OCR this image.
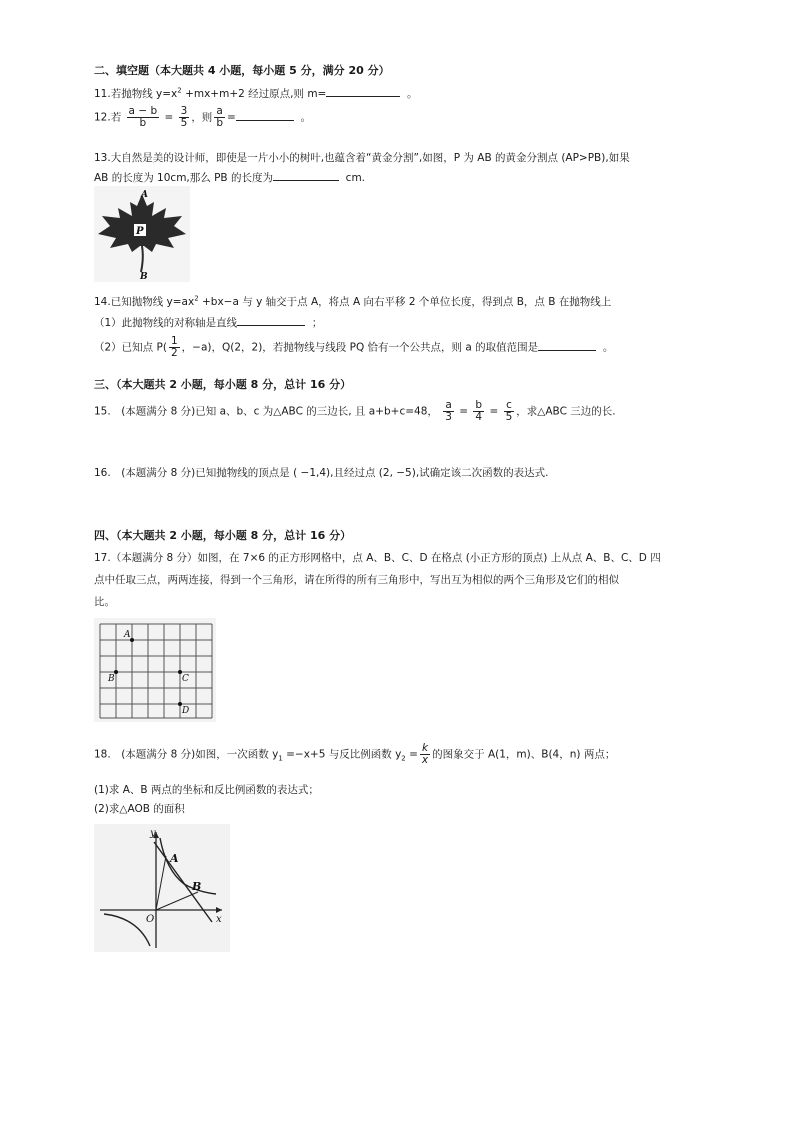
二、填空题（本大题共 4 小题，每小题 5 分，满分 20 分）
11.若抛物线 $y=x^2 +mx+m+2$ 经过原点,则 m=	。
12.若 $\frac{a - b}{b} = \frac{3}{5}$ ，则 $\frac{a}{b}$ =	。
13.大自然是美的设计师，即使是一片小小的树叶,也蕴含着“黄金分割”,如图，P 为 AB 的黄金分割点 (AP>PB),如果
AB 的长度为 10cm,那么 PB 的长度为	cm.
P
A
B
14.已知抛物线 $y=ax^2 +bx-a$ 与 y 轴交于点 A，将点 A 向右平移 2 个单位长度，得到点 B，点 B 在抛物线上
（1）此抛物线的对称轴是直线	；
（2）已知点 $P( \frac{1}{2}$ ，−a)，Q(2，2)，若抛物线与线段 PQ 恰有一个公共点，则 a 的取值范围是	。
三、（本大题共 2 小题，每小题 8 分，总计 16 分）
15.　(本题满分 8 分)已知 a、b、c 为△ABC 的三边长, 且 a+b+c=48， $\frac{a}{3} = \frac{b}{4} = \frac{c}{5}$ ，求△ABC 三边的长.
16.　(本题满分 8 分)已知抛物线的顶点是 ( −1,4),且经过点 (2, −5),试确定该二次函数的表达式.
四、（本大题共 2 小题，每小题 8 分，总计 16 分）
17.（本题满分 8 分）如图，在 7×6 的正方形网格中，点 A、B、C、D 在格点 (小正方形的顶点) 上从点 A、B、C、D 四
点中任取三点，两两连接，得到一个三角形，请在所得的所有三角形中，写出互为相似的两个三角形及它们的相似
比。
A
B	C
D
18.　(本题满分 8 分)如图，一次函数 $y_1 =-x+5$ 与反比例函数 $y_2 = \frac{k}{x}$ 的图象交于 A(1，m)、B(4，n) 两点；
(1)求 A、B 两点的坐标和反比例函数的表达式；
(2)求△AOB 的面积
y
x
O
A
B
